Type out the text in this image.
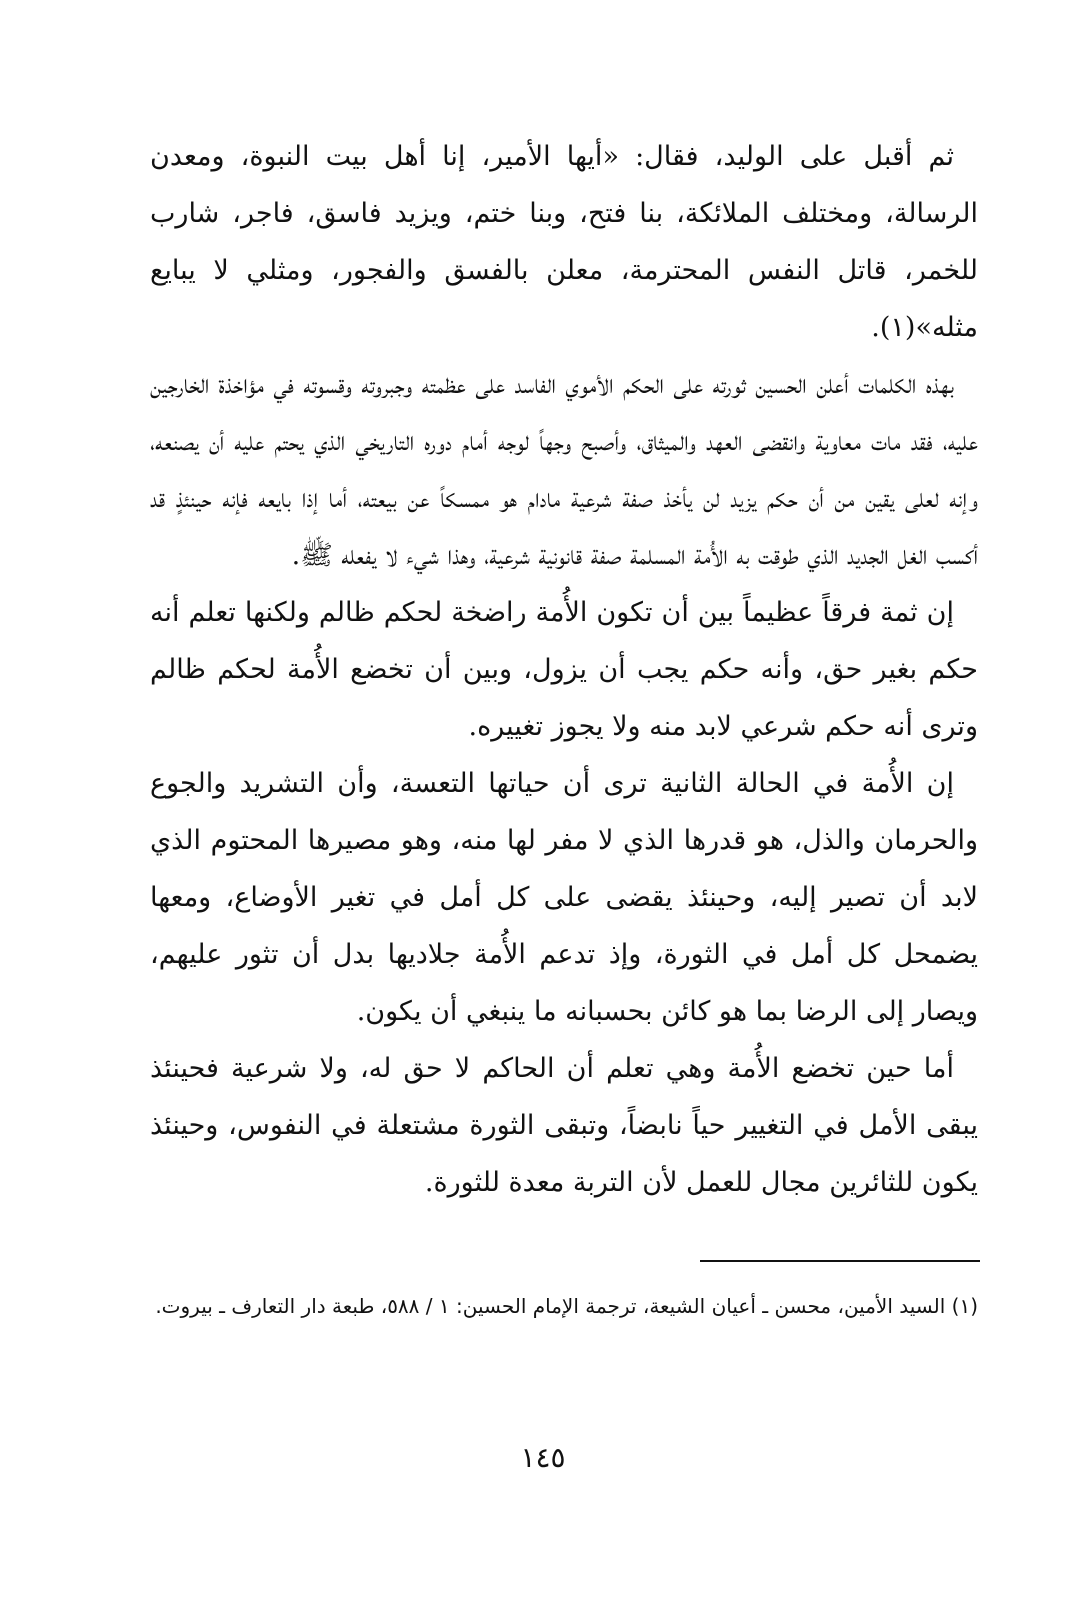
ثم أقبل على الوليد، فقال: «أيها الأمير، إنا أهل بيت النبوة، ومعدن الرسالة، ومختلف الملائكة، بنا فتح، وبنا ختم، ويزيد فاسق، فاجر، شارب للخمر، قاتل النفس المحترمة، معلن بالفسق والفجور، ومثلي لا يبايع مثله»(١).

بهذه الكلمات أعلن الحسين ثورته على الحكم الأموي الفاسد على عظمته وجبروته وقسوته في مؤاخذة الخارجين عليه، فقد مات معاوية وانقضى العهد والميثاق، وأصبح وجهاً لوجه أمام دوره التاريخي الذي يحتم عليه أن يصنعه، وإنه لعلى يقين من أن حكم يزيد لن يأخذ صفة شرعية مادام هو ممسكاً عن بيعته، أما إذا بايعه فإنه حينئذٍ قد أكسب الغل الجديد الذي طوقت به الأُمة المسلمة صفة قانونية شرعية، وهذا شيء لا يفعله ﷺ.

إن ثمة فرقاً عظيماً بين أن تكون الأُمة راضخة لحكم ظالم ولكنها تعلم أنه حكم بغير حق، وأنه حكم يجب أن يزول، وبين أن تخضع الأُمة لحكم ظالم وترى أنه حكم شرعي لابد منه ولا يجوز تغييره.

إن الأُمة في الحالة الثانية ترى أن حياتها التعسة، وأن التشريد والجوع والحرمان والذل، هو قدرها الذي لا مفر لها منه، وهو مصيرها المحتوم الذي لابد أن تصير إليه، وحينئذ يقضى على كل أمل في تغير الأوضاع، ومعها يضمحل كل أمل في الثورة، وإذ تدعم الأُمة جلاديها بدل أن تثور عليهم، ويصار إلى الرضا بما هو كائن بحسبانه ما ينبغي أن يكون.

أما حين تخضع الأُمة وهي تعلم أن الحاكم لا حق له، ولا شرعية فحينئذ يبقى الأمل في التغيير حياً نابضاً، وتبقى الثورة مشتعلة في النفوس، وحينئذ يكون للثائرين مجال للعمل لأن التربة معدة للثورة.

(١) السيد الأمين، محسن ـ أعيان الشيعة، ترجمة الإمام الحسين: ١ / ٥٨٨، طبعة دار التعارف ـ بيروت.

١٤٥
